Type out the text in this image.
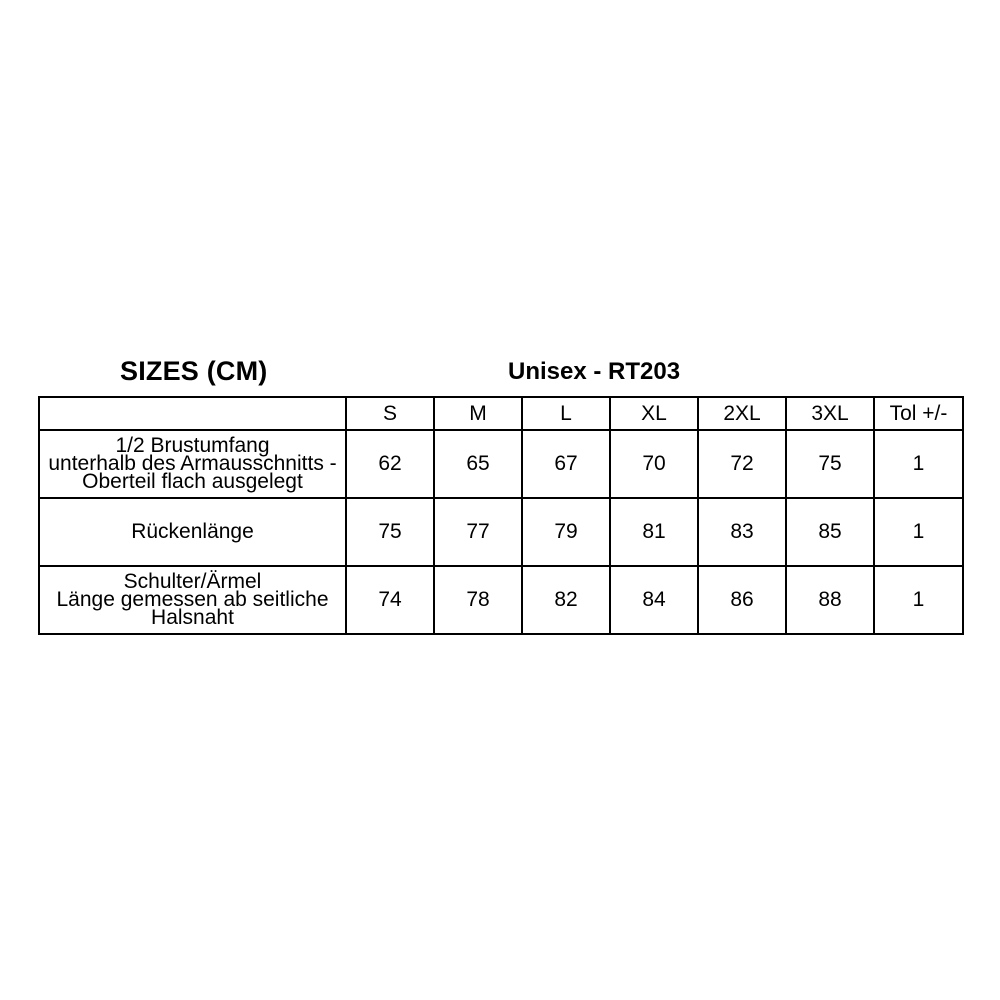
SIZES (CM)	Unisex - RT203
	S	M	L	XL	2XL	3XL	Tol +/-

1/2 Brustumfang
unterhalb des Armausschnitts -
Oberteil flach ausgelegt	62	65	67	70	72	75	1

Rückenlänge	75	77	79	81	83	85	1

Schulter/Ärmel
Länge gemessen ab seitliche Halsnaht	74	78	82	84	86	88	1
